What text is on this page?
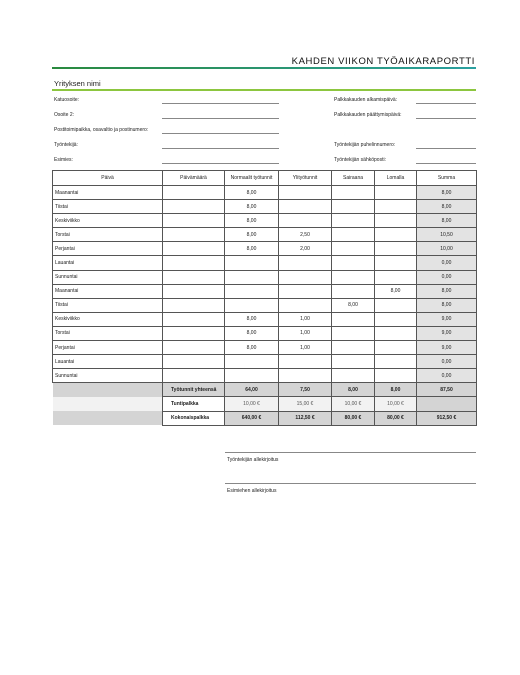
KAHDEN VIIKON TYÖAIKARAPORTTI
Yrityksen nimi
Katuosoite:
Osoite 2:
Postitoimipaikka, osavaltio ja postinumero:
Työntekijä:
Esimies:
Palkkakauden alkamispäivä:
Palkkakauden päättymispäivä:
Työntekijän puhelinnumero:
Työntekijän sähköposti:
Päivä	Päivämäärä	Normaalit työtunnit	Ylityötunnit	Sairaana	Lomalla	Summa
Maanantai		8,00				8,00
Tiistai		8,00				8,00
Keskiviikko		8,00				8,00
Torstai		8,00	2,50			10,50
Perjantai		8,00	2,00			10,00
Lauantai						0,00
Sunnuntai						0,00
Maanantai					8,00	8,00
Tiistai				8,00		8,00
Keskiviikko		8,00	1,00			9,00
Torstai		8,00	1,00			9,00
Perjantai		8,00	1,00			9,00
Lauantai						0,00
Sunnuntai						0,00
	Työtunnit yhteensä	64,00	7,50	8,00	8,00	87,50
	Tuntipalkka	10,00 €	15,00 €	10,00 €	10,00 €	
	Kokonaispalkka	640,00 €	112,50 €	80,00 €	80,00 €	912,50 €
Työntekijän allekirjoitus
Esimiehen allekirjoitus
